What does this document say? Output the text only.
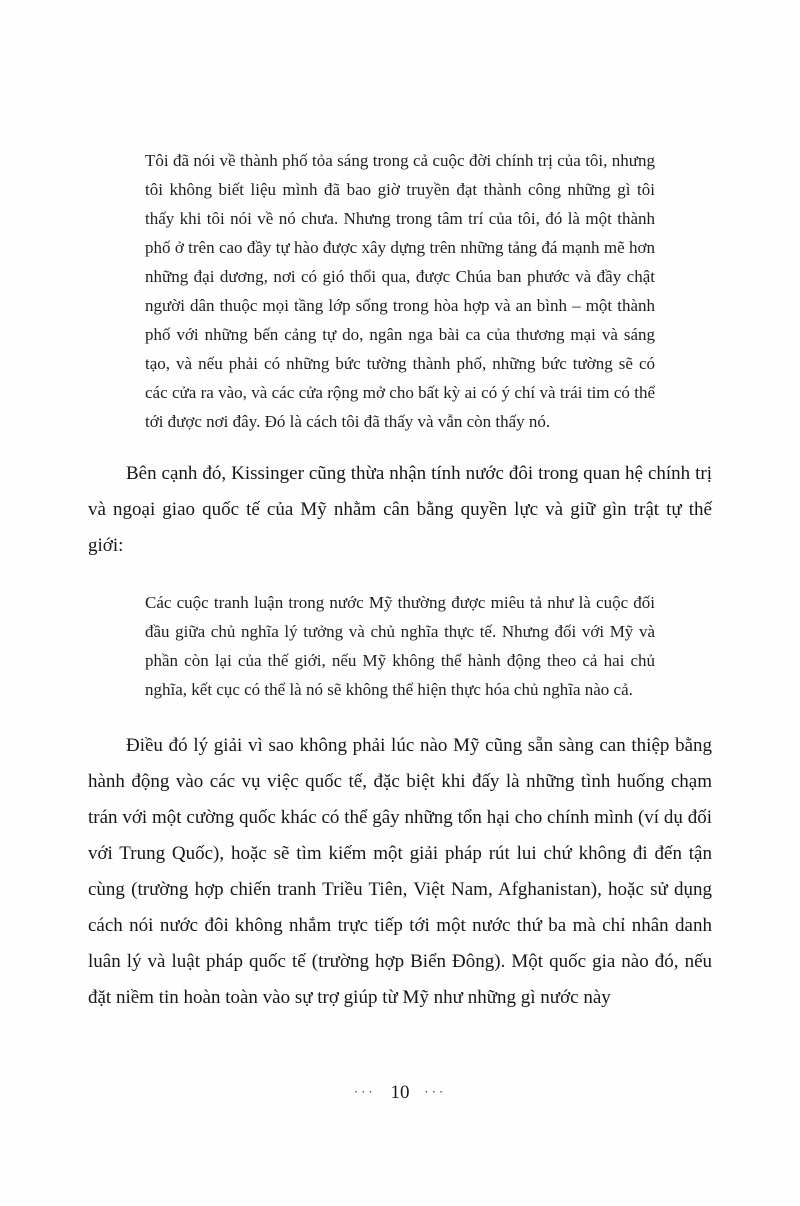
Tôi đã nói về thành phố tỏa sáng trong cả cuộc đời chính trị của tôi, nhưng tôi không biết liệu mình đã bao giờ truyền đạt thành công những gì tôi thấy khi tôi nói về nó chưa. Nhưng trong tâm trí của tôi, đó là một thành phố ở trên cao đầy tự hào được xây dựng trên những tảng đá mạnh mẽ hơn những đại dương, nơi có gió thổi qua, được Chúa ban phước và đầy chật người dân thuộc mọi tầng lớp sống trong hòa hợp và an bình – một thành phố với những bến cảng tự do, ngân nga bài ca của thương mại và sáng tạo, và nếu phải có những bức tường thành phố, những bức tường sẽ có các cửa ra vào, và các cửa rộng mở cho bất kỳ ai có ý chí và trái tim có thể tới được nơi đây. Đó là cách tôi đã thấy và vẫn còn thấy nó.

Bên cạnh đó, Kissinger cũng thừa nhận tính nước đôi trong quan hệ chính trị và ngoại giao quốc tế của Mỹ nhằm cân bằng quyền lực và giữ gìn trật tự thế giới:

Các cuộc tranh luận trong nước Mỹ thường được miêu tả như là cuộc đối đầu giữa chủ nghĩa lý tưởng và chủ nghĩa thực tế. Nhưng đối với Mỹ và phần còn lại của thế giới, nếu Mỹ không thể hành động theo cả hai chủ nghĩa, kết cục có thể là nó sẽ không thể hiện thực hóa chủ nghĩa nào cả.

Điều đó lý giải vì sao không phải lúc nào Mỹ cũng sẵn sàng can thiệp bằng hành động vào các vụ việc quốc tế, đặc biệt khi đấy là những tình huống chạm trán với một cường quốc khác có thể gây những tổn hại cho chính mình (ví dụ đối với Trung Quốc), hoặc sẽ tìm kiếm một giải pháp rút lui chứ không đi đến tận cùng (trường hợp chiến tranh Triều Tiên, Việt Nam, Afghanistan), hoặc sử dụng cách nói nước đôi không nhắm trực tiếp tới một nước thứ ba mà chỉ nhân danh luân lý và luật pháp quốc tế (trường hợp Biển Đông). Một quốc gia nào đó, nếu đặt niềm tin hoàn toàn vào sự trợ giúp từ Mỹ như những gì nước này

··· 10 ···
